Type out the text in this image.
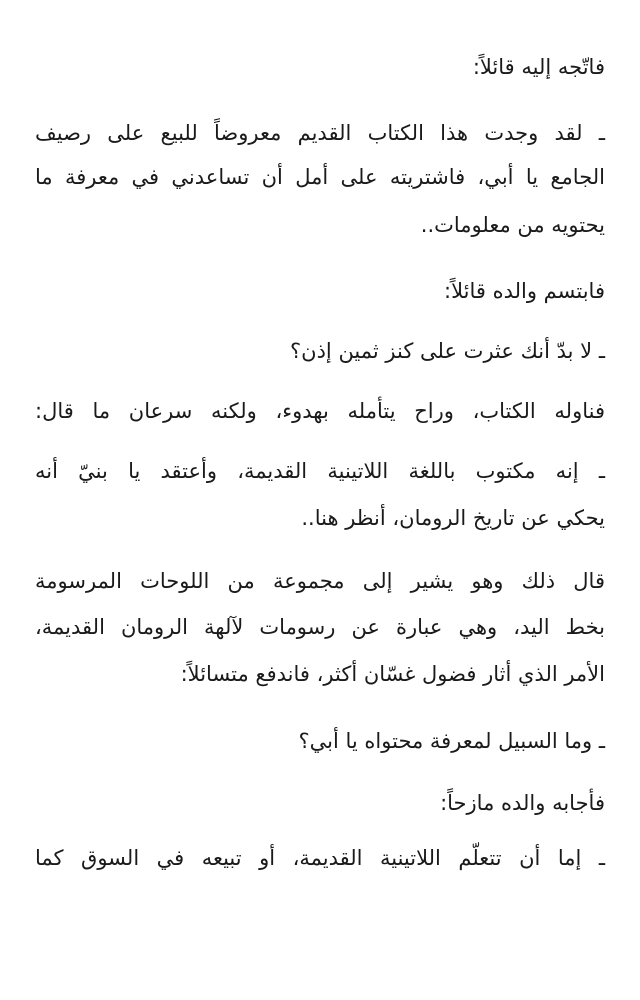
فاتّجه إليه قائلاً:

ـ لقد وجدت هذا الكتاب القديم معروضاً للبيع على رصيف

الجامع يا أبي، فاشتريته على أمل أن تساعدني في معرفة ما

يحتويه من معلومات..

فابتسم والده قائلاً:

ـ لا بدّ أنك عثرت على كنز ثمين إذن؟

فناوله الكتاب، وراح يتأمله بهدوء، ولكنه سرعان ما قال:

ـ إنه مكتوب باللغة اللاتينية القديمة، وأعتقد يا بنيّ أنه

يحكي عن تاريخ الرومان، أنظر هنا..

قال ذلك وهو يشير إلى مجموعة من اللوحات المرسومة

بخط اليد، وهي عبارة عن رسومات لآلهة الرومان القديمة،

الأمر الذي أثار فضول غسّان أكثر، فاندفع متسائلاً:

ـ وما السبيل لمعرفة محتواه يا أبي؟

فأجابه والده مازحاً:

ـ إما أن تتعلّم اللاتينية القديمة، أو تبيعه في السوق كما
